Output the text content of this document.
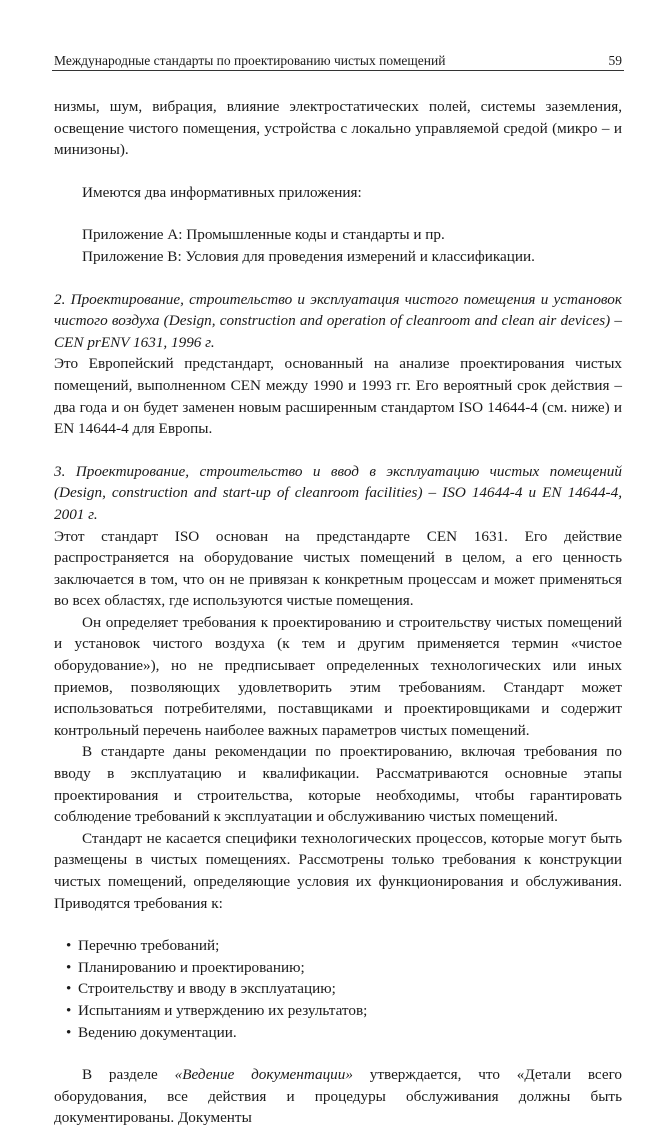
Международные стандарты по проектированию чистых помещений	59

низмы, шум, вибрация, влияние электростатических полей, системы заземления, освещение чистого помещения, устройства с локально управляемой средой (микро – и минизоны).

Имеются два информативных приложения:

Приложение A: Промышленные коды и стандарты и пр.

Приложение B: Условия для проведения измерений и классификации.

2. Проектирование, строительство и эксплуатация чистого помещения и установок чистого воздуха (Design, construction and operation of cleanroom and clean air devices) – CEN prENV 1631, 1996 г.

Это Европейский предстандарт, основанный на анализе проектирования чистых помещений, выполненном CEN между 1990 и 1993 гг. Его вероятный срок действия – два года и он будет заменен новым расширенным стандартом ISO 14644-4 (см. ниже) и EN 14644-4 для Европы.

3. Проектирование, строительство и ввод в эксплуатацию чистых помещений (Design, construction and start-up of cleanroom facilities) – ISO 14644-4 и EN 14644-4, 2001 г.

Этот стандарт ISO основан на предстандарте CEN 1631. Его действие распространяется на оборудование чистых помещений в целом, а его ценность заключается в том, что он не привязан к конкретным процессам и может применяться во всех областях, где используются чистые помещения.

Он определяет требования к проектированию и строительству чистых помещений и установок чистого воздуха (к тем и другим применяется термин «чистое оборудование»), но не предписывает определенных технологических или иных приемов, позволяющих удовлетворить этим требованиям. Стандарт может использоваться потребителями, поставщиками и проектировщиками и содержит контрольный перечень наиболее важных параметров чистых помещений.

В стандарте даны рекомендации по проектированию, включая требования по вводу в эксплуатацию и квалификации. Рассматриваются основные этапы проектирования и строительства, которые необходимы, чтобы гарантировать соблюдение требований к эксплуатации и обслуживанию чистых помещений.

Стандарт не касается специфики технологических процессов, которые могут быть размещены в чистых помещениях. Рассмотрены только требования к конструкции чистых помещений, определяющие условия их функционирования и обслуживания. Приводятся требования к:

• Перечню требований;
• Планированию и проектированию;
• Строительству и вводу в эксплуатацию;
• Испытаниям и утверждению их результатов;
• Ведению документации.

В разделе «Ведение документации» утверждается, что «Детали всего оборудования, все действия и процедуры обслуживания должны быть документированы. Документы
